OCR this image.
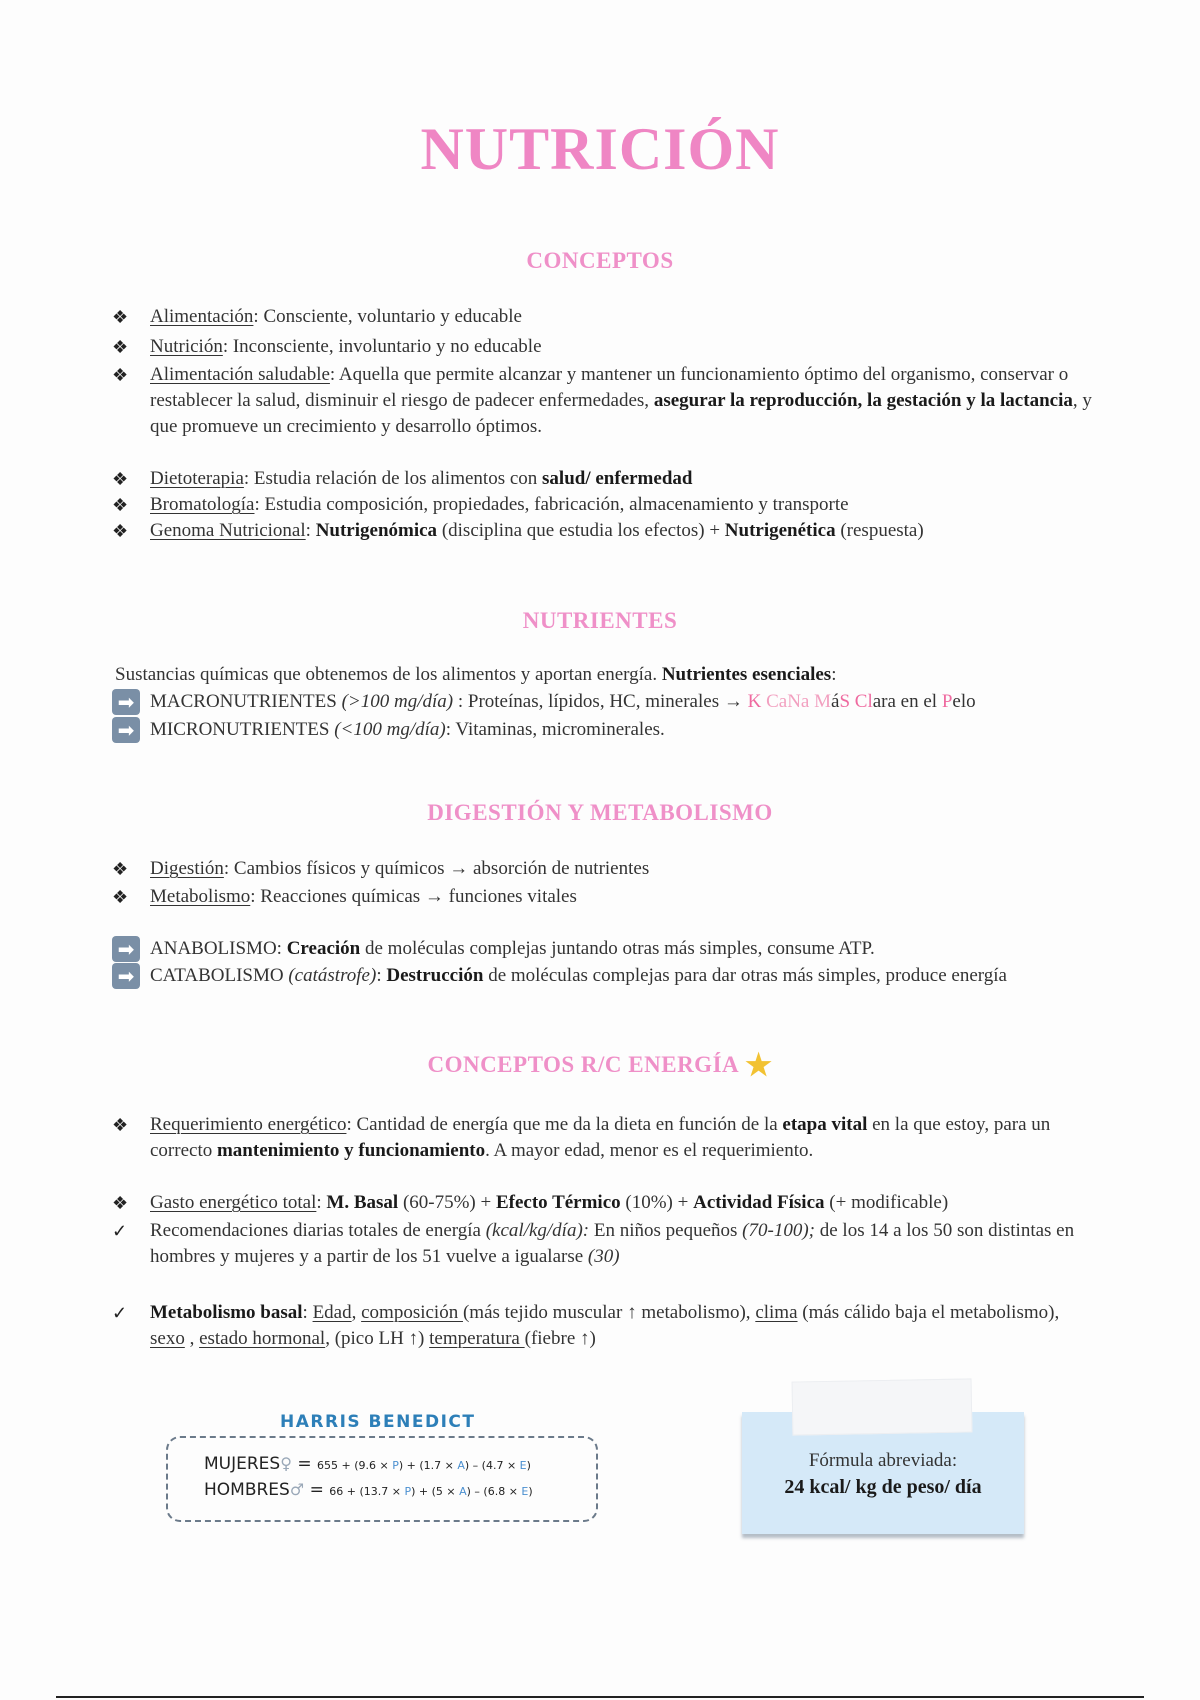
NUTRICIÓN
CONCEPTOS
❖	Alimentación: Consciente, voluntario y educable
❖	Nutrición: Inconsciente, involuntario y no educable
❖	Alimentación saludable: Aquella que permite alcanzar y mantener un funcionamiento óptimo del organismo, conservar o restablecer la salud, disminuir el riesgo de padecer enfermedades, asegurar la reproducción, la gestación y la lactancia, y que promueve un crecimiento y desarrollo óptimos.
❖	Dietoterapia: Estudia relación de los alimentos con salud/ enfermedad
❖	Bromatología: Estudia composición, propiedades, fabricación, almacenamiento y transporte
❖	Genoma Nutricional: Nutrigenómica (disciplina que estudia los efectos) + Nutrigenética (respuesta)
NUTRIENTES
Sustancias químicas que obtenemos de los alimentos y aportan energía. Nutrientes esenciales:
➡ MACRONUTRIENTES (>100 mg/día) : Proteínas, lípidos, HC, minerales → K CaNa MáS Clara en el Pelo
➡ MICRONUTRIENTES (<100 mg/día): Vitaminas, microminerales.
DIGESTIÓN Y METABOLISMO
❖	Digestión: Cambios físicos y químicos → absorción de nutrientes
❖	Metabolismo: Reacciones químicas → funciones vitales
➡ ANABOLISMO: Creación de moléculas complejas juntando otras más simples, consume ATP.
➡ CATABOLISMO (catástrofe): Destrucción de moléculas complejas para dar otras más simples, produce energía
CONCEPTOS R/C ENERGÍA ★
❖	Requerimiento energético: Cantidad de energía que me da la dieta en función de la etapa vital en la que estoy, para un correcto mantenimiento y funcionamiento. A mayor edad, menor es el requerimiento.
❖	Gasto energético total: M. Basal (60-75%) + Efecto Térmico (10%) + Actividad Física (+ modificable)
✓	Recomendaciones diarias totales de energía (kcal/kg/día): En niños pequeños (70-100); de los 14 a los 50 son distintas en hombres y mujeres y a partir de los 51 vuelve a igualarse (30)
✓	Metabolismo basal: Edad, composición (más tejido muscular ↑ metabolismo), clima (más cálido baja el metabolismo), sexo , estado hormonal, (pico LH ↑) temperatura (fiebre ↑)
HARRIS BENEDICT
MUJERES♀ = 655 + (9.6 × P) + (1.7 × A) – (4.7 × E)
HOMBRES♂ = 66 + (13.7 × P) + (5 × A) – (6.8 × E)
Fórmula abreviada:
24 kcal/ kg de peso/ día
